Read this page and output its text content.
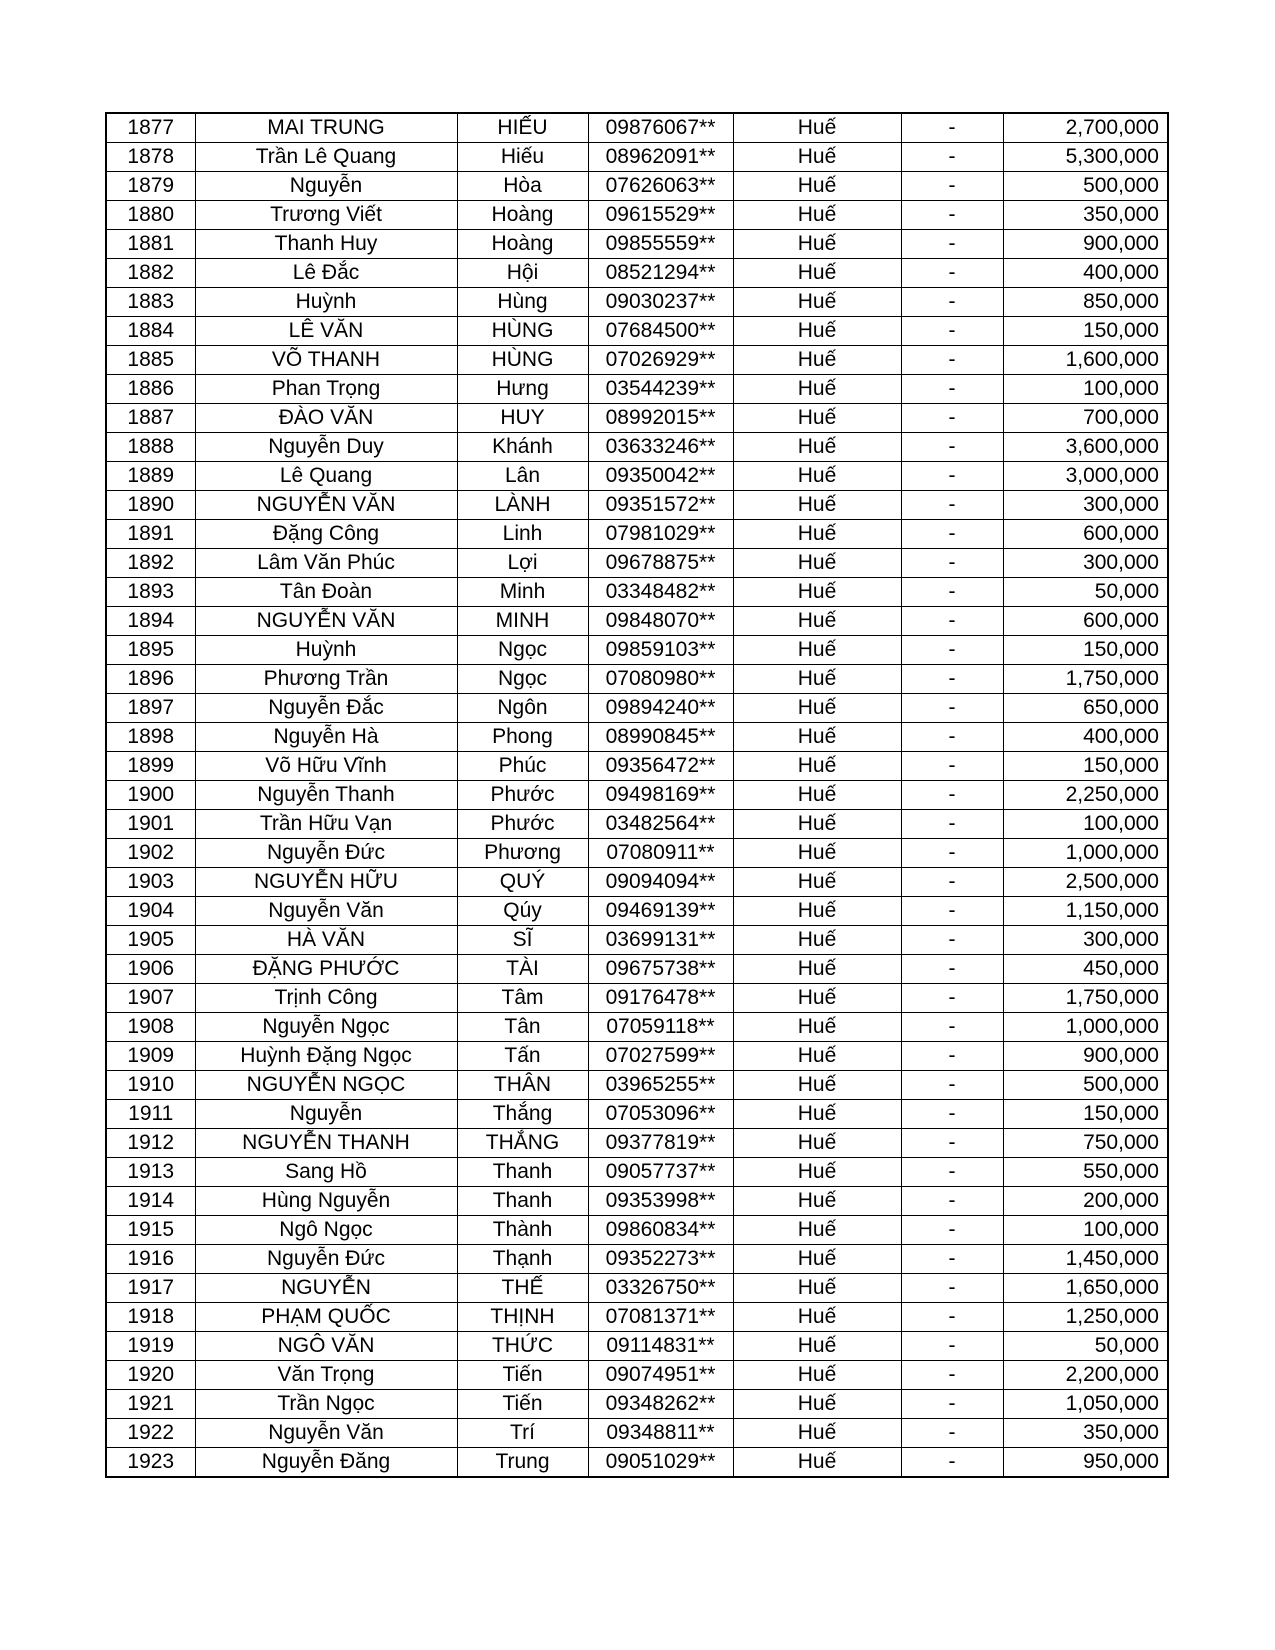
1877	MAI TRUNG	HIẾU	09876067**	Huế	-	2,700,000
1878	Trần Lê Quang	Hiếu	08962091**	Huế	-	5,300,000
1879	Nguyễn	Hòa	07626063**	Huế	-	500,000
1880	Trương Viết	Hoàng	09615529**	Huế	-	350,000
1881	Thanh Huy	Hoàng	09855559**	Huế	-	900,000
1882	Lê Đắc	Hội	08521294**	Huế	-	400,000
1883	Huỳnh	Hùng	09030237**	Huế	-	850,000
1884	LÊ VĂN	HÙNG	07684500**	Huế	-	150,000
1885	VÕ THANH	HÙNG	07026929**	Huế	-	1,600,000
1886	Phan Trọng	Hưng	03544239**	Huế	-	100,000
1887	ĐÀO VĂN	HUY	08992015**	Huế	-	700,000
1888	Nguyễn Duy	Khánh	03633246**	Huế	-	3,600,000
1889	Lê Quang	Lân	09350042**	Huế	-	3,000,000
1890	NGUYỄN VĂN	LÀNH	09351572**	Huế	-	300,000
1891	Đặng Công	Linh	07981029**	Huế	-	600,000
1892	Lâm Văn Phúc	Lợi	09678875**	Huế	-	300,000
1893	Tân Đoàn	Minh	03348482**	Huế	-	50,000
1894	NGUYỄN VĂN	MINH	09848070**	Huế	-	600,000
1895	Huỳnh	Ngọc	09859103**	Huế	-	150,000
1896	Phương Trần	Ngọc	07080980**	Huế	-	1,750,000
1897	Nguyễn Đắc	Ngôn	09894240**	Huế	-	650,000
1898	Nguyễn Hà	Phong	08990845**	Huế	-	400,000
1899	Võ Hữu Vĩnh	Phúc	09356472**	Huế	-	150,000
1900	Nguyễn Thanh	Phước	09498169**	Huế	-	2,250,000
1901	Trần Hữu Vạn	Phước	03482564**	Huế	-	100,000
1902	Nguyễn Đức	Phương	07080911**	Huế	-	1,000,000
1903	NGUYỄN HỮU	QUÝ	09094094**	Huế	-	2,500,000
1904	Nguyễn Văn	Qúy	09469139**	Huế	-	1,150,000
1905	HÀ VĂN	SĨ	03699131**	Huế	-	300,000
1906	ĐẶNG PHƯỚC	TÀI	09675738**	Huế	-	450,000
1907	Trịnh Công	Tâm	09176478**	Huế	-	1,750,000
1908	Nguyễn Ngọc	Tân	07059118**	Huế	-	1,000,000
1909	Huỳnh Đặng Ngọc	Tấn	07027599**	Huế	-	900,000
1910	NGUYỄN NGỌC	THÂN	03965255**	Huế	-	500,000
1911	Nguyễn	Thắng	07053096**	Huế	-	150,000
1912	NGUYỄN THANH	THẮNG	09377819**	Huế	-	750,000
1913	Sang Hồ	Thanh	09057737**	Huế	-	550,000
1914	Hùng Nguyễn	Thanh	09353998**	Huế	-	200,000
1915	Ngô Ngọc	Thành	09860834**	Huế	-	100,000
1916	Nguyễn Đức	Thạnh	09352273**	Huế	-	1,450,000
1917	NGUYỄN	THẾ	03326750**	Huế	-	1,650,000
1918	PHẠM QUỐC	THỊNH	07081371**	Huế	-	1,250,000
1919	NGÔ VĂN	THỨC	09114831**	Huế	-	50,000
1920	Văn Trọng	Tiến	09074951**	Huế	-	2,200,000
1921	Trần Ngọc	Tiến	09348262**	Huế	-	1,050,000
1922	Nguyễn Văn	Trí	09348811**	Huế	-	350,000
1923	Nguyễn Đăng	Trung	09051029**	Huế	-	950,000
